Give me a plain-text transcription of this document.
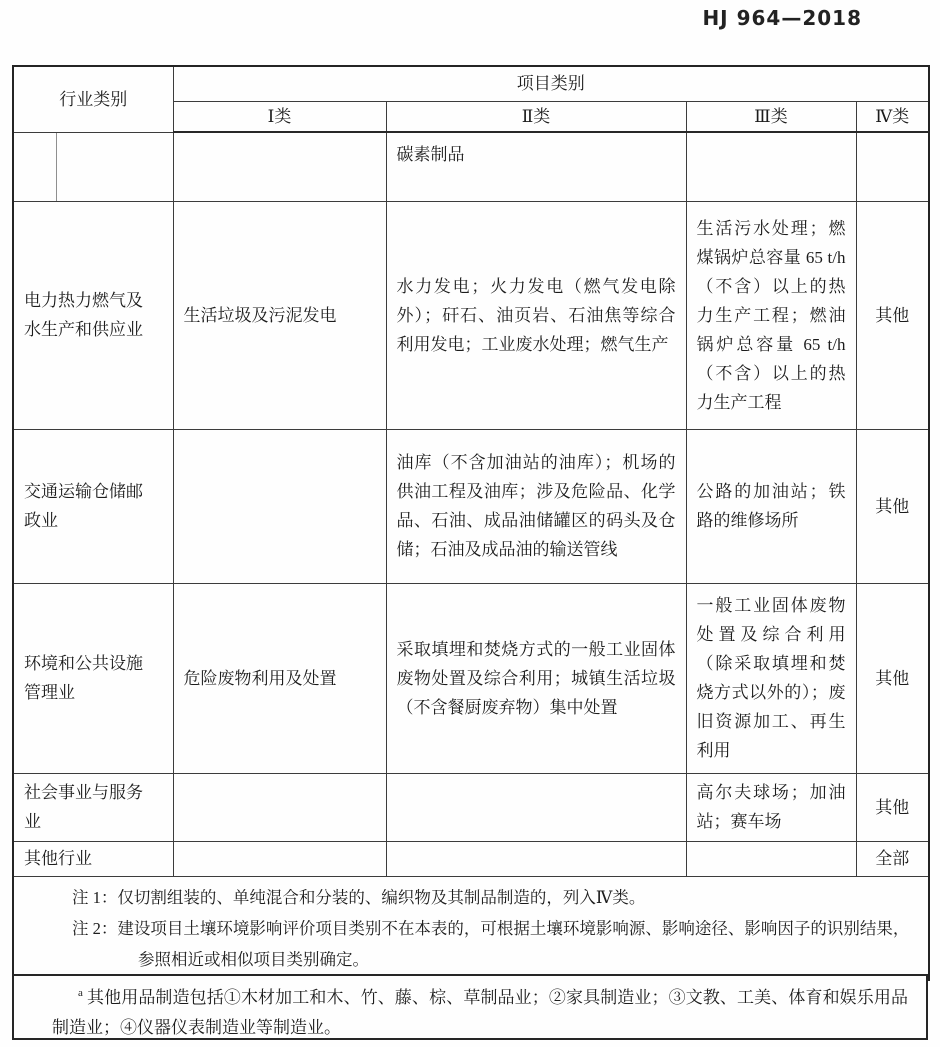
HJ 964—2018
行业类别		项目类别			
		Ⅰ类	Ⅱ类	Ⅲ类	Ⅳ类
			碳素制品		
电力热力燃气及水生产和供应业		生活垃圾及污泥发电	水力发电；火力发电（燃气发电除外）；矸石、油页岩、石油焦等综合利用发电；工业废水处理；燃气生产	生活污水处理；燃煤锅炉总容量 65 t/h（不含）以上的热力生产工程；燃油锅炉总容量 65 t/h（不含）以上的热力生产工程	其他
交通运输仓储邮政业			油库（不含加油站的油库）；机场的供油工程及油库；涉及危险品、化学品、石油、成品油储罐区的码头及仓储；石油及成品油的输送管线	公路的加油站；铁路的维修场所	其他
环境和公共设施管理业		危险废物利用及处置	采取填埋和焚烧方式的一般工业固体废物处置及综合利用；城镇生活垃圾（不含餐厨废弃物）集中处置	一般工业固体废物处置及综合利用（除采取填埋和焚烧方式以外的）；废旧资源加工、再生利用	其他
社会事业与服务业				高尔夫球场；加油站；赛车场	其他
其他行业					全部

注 1：仅切割组装的、单纯混合和分装的、编织物及其制品制造的，列入Ⅳ类。
注 2：建设项目土壤环境影响评价项目类别不在本表的，可根据土壤环境影响源、影响途径、影响因子的识别结果，参照相近或相似项目类别确定。					
$^a$ 其他用品制造包括①木材加工和木、竹、藤、棕、草制品业；②家具制造业；③文教、工美、体育和娱乐用品制造业；④仪器仪表制造业等制造业。
